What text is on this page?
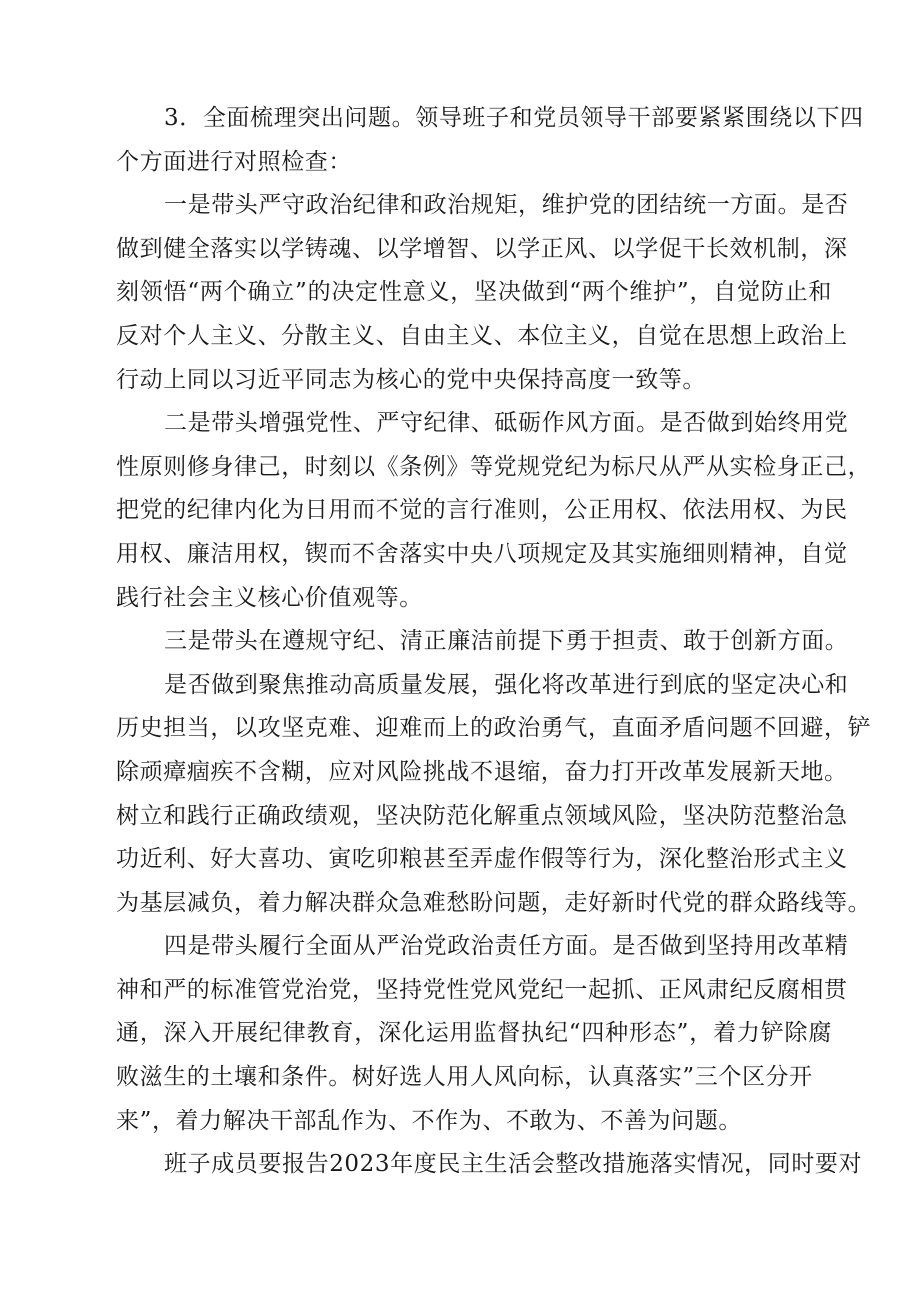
3．全面梳理突出问题。领导班子和党员领导干部要紧紧围绕以下四
个方面进行对照检查：
一是带头严守政治纪律和政治规矩，维护党的团结统一方面。是否
做到健全落实以学铸魂、以学增智、以学正风、以学促干长效机制，深
刻领悟“两个确立”的决定性意义，坚决做到“两个维护”，自觉防止和
反对个人主义、分散主义、自由主义、本位主义，自觉在思想上政治上
行动上同以习近平同志为核心的党中央保持高度一致等。
二是带头增强党性、严守纪律、砥砺作风方面。是否做到始终用党
性原则修身律己，时刻以《条例》等党规党纪为标尺从严从实检身正己，
把党的纪律内化为日用而不觉的言行准则，公正用权、依法用权、为民
用权、廉洁用权，锲而不舍落实中央八项规定及其实施细则精神，自觉
践行社会主义核心价值观等。
三是带头在遵规守纪、清正廉洁前提下勇于担责、敢于创新方面。
是否做到聚焦推动高质量发展，强化将改革进行到底的坚定决心和
历史担当，以攻坚克难、迎难而上的政治勇气，直面矛盾问题不回避，铲
除顽瘴痼疾不含糊，应对风险挑战不退缩，奋力打开改革发展新天地。
树立和践行正确政绩观，坚决防范化解重点领域风险，坚决防范整治急
功近利、好大喜功、寅吃卯粮甚至弄虚作假等行为，深化整治形式主义
为基层减负，着力解决群众急难愁盼问题，走好新时代党的群众路线等。
四是带头履行全面从严治党政治责任方面。是否做到坚持用改革精
神和严的标准管党治党，坚持党性党风党纪一起抓、正风肃纪反腐相贯
通，深入开展纪律教育，深化运用监督执纪“四种形态”，着力铲除腐
败滋生的土壤和条件。树好选人用人风向标，认真落实”三个区分开
来”，着力解决干部乱作为、不作为、不敢为、不善为问题。
班子成员要报告2023年度民主生活会整改措施落实情况，同时要对
